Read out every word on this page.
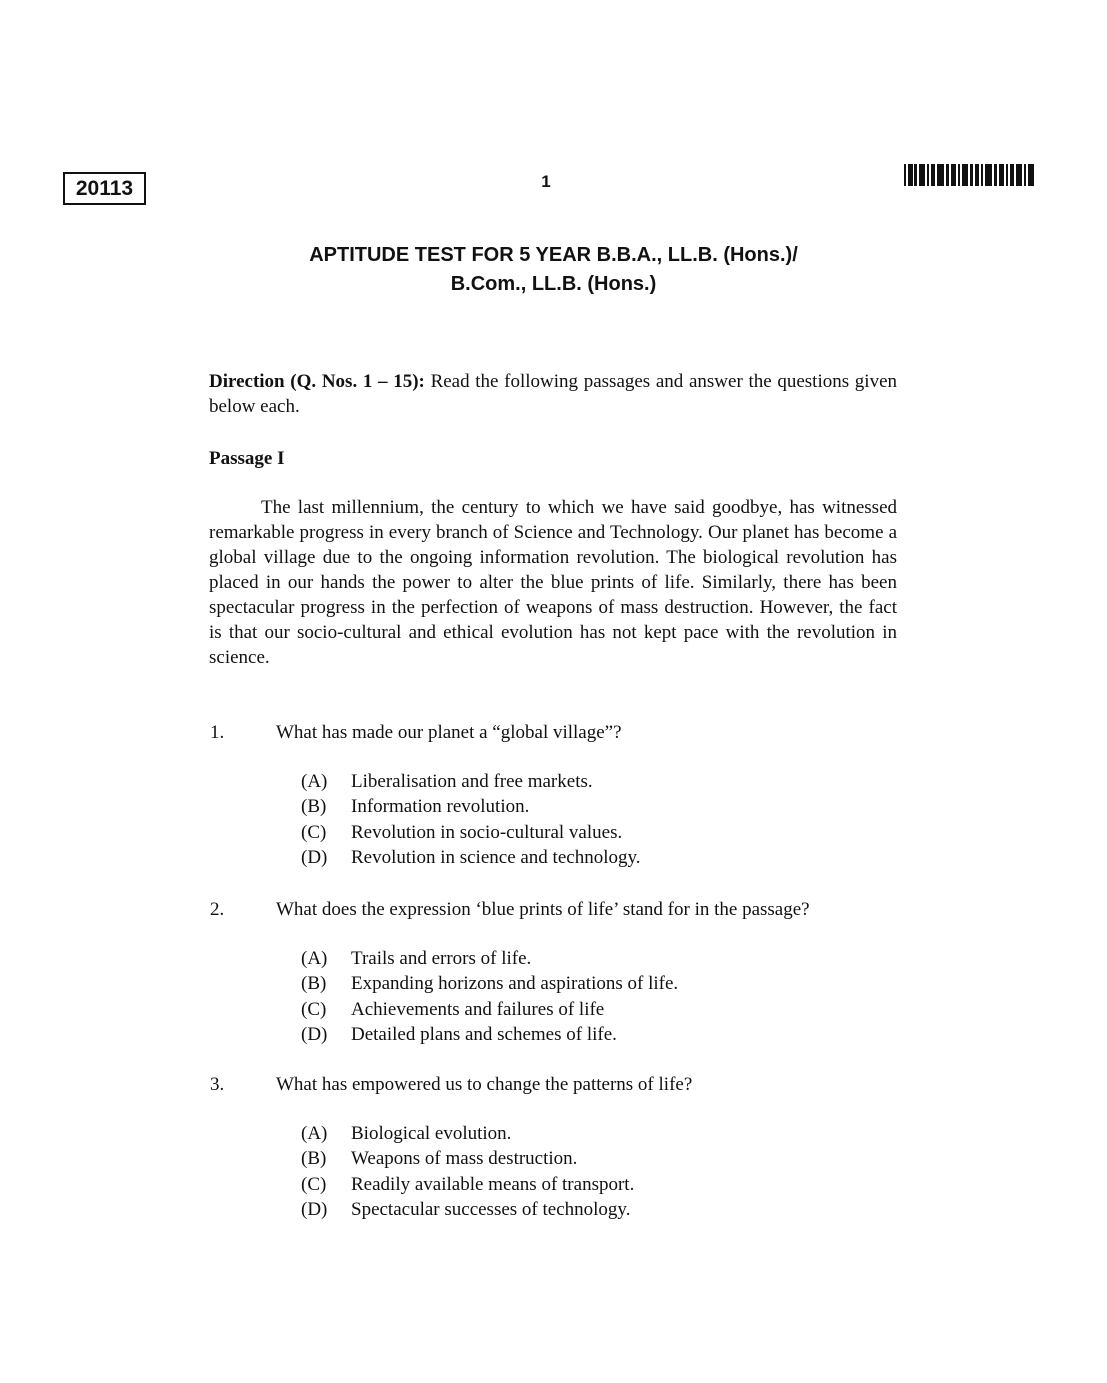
20113	1
APTITUDE TEST FOR 5 YEAR B.B.A., LL.B. (Hons.)/
B.Com., LL.B. (Hons.)
Direction (Q. Nos. 1 – 15): Read the following passages and answer the questions given below each.
Passage I
The last millennium, the century to which we have said goodbye, has witnessed remarkable progress in every branch of Science and Technology. Our planet has become a global village due to the ongoing information revolution. The biological revolution has placed in our hands the power to alter the blue prints of life. Similarly, there has been spectacular progress in the perfection of weapons of mass destruction. However, the fact is that our socio-cultural and ethical evolution has not kept pace with the revolution in science.
1.	What has made our planet a “global village”?
(A) Liberalisation and free markets.
(B) Information revolution.
(C) Revolution in socio-cultural values.
(D) Revolution in science and technology.
2.	What does the expression ‘blue prints of life’ stand for in the passage?
(A) Trails and errors of life.
(B) Expanding horizons and aspirations of life.
(C) Achievements and failures of life
(D) Detailed plans and schemes of life.
3.	What has empowered us to change the patterns of life?
(A) Biological evolution.
(B) Weapons of mass destruction.
(C) Readily available means of transport.
(D) Spectacular successes of technology.
